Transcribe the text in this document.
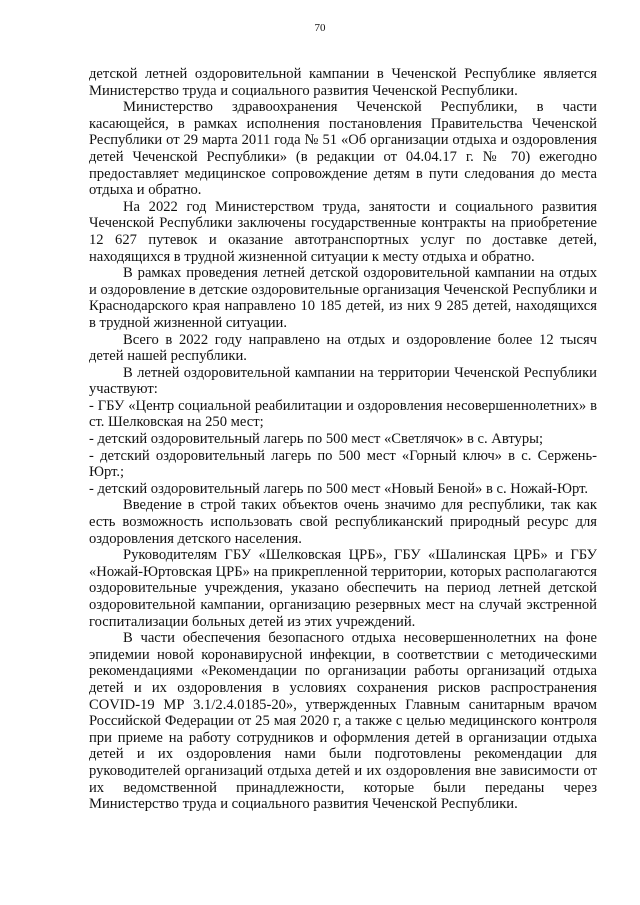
70

детской летней оздоровительной кампании в Чеченской Республике является Министерство труда и социального развития Чеченской Республики.

Министерство здравоохранения Чеченской Республики, в части касающейся, в рамках исполнения постановления Правительства Чеченской Республики от 29 марта 2011 года № 51 «Об организации отдыха и оздоровления детей Чеченской Республики» (в редакции от 04.04.17 г. № 70) ежегодно предоставляет медицинское сопровождение детям в пути следования до места отдыха и обратно.

На 2022 год Министерством труда, занятости и социального развития Чеченской Республики заключены государственные контракты на приобретение 12 627 путевок и оказание автотранспортных услуг по доставке детей, находящихся в трудной жизненной ситуации к месту отдыха и обратно.

В рамках проведения летней детской оздоровительной кампании на отдых и оздоровление в детские оздоровительные организация Чеченской Республики и Краснодарского края направлено 10 185 детей, из них 9 285 детей, находящихся в трудной жизненной ситуации.

Всего в 2022 году направлено на отдых и оздоровление более 12 тысяч детей нашей республики.

В летней оздоровительной кампании на территории Чеченской Республики участвуют:

- ГБУ «Центр социальной реабилитации и оздоровления несовершеннолетних» в ст. Шелковская на 250 мест;

- детский оздоровительный лагерь по 500 мест «Светлячок» в с. Автуры;

- детский оздоровительный лагерь по 500 мест «Горный ключ» в с. Сержень-Юрт.;

- детский оздоровительный лагерь по 500 мест «Новый Беной» в с. Ножай-Юрт.

Введение в строй таких объектов очень значимо для республики, так как есть возможность использовать свой республиканский природный ресурс для оздоровления детского населения.

Руководителям ГБУ «Шелковская ЦРБ», ГБУ «Шалинская ЦРБ» и ГБУ «Ножай-Юртовская ЦРБ» на прикрепленной территории, которых располагаются оздоровительные учреждения, указано обеспечить на период летней детской оздоровительной кампании, организацию резервных мест на случай экстренной госпитализации больных детей из этих учреждений.

В части обеспечения безопасного отдыха несовершеннолетних на фоне эпидемии новой коронавирусной инфекции, в соответствии с методическими рекомендациями «Рекомендации по организации работы организаций отдыха детей и их оздоровления в условиях сохранения рисков распространения COVID-19 МР 3.1/2.4.0185-20», утвержденных Главным санитарным врачом Российской Федерации от 25 мая 2020 г, а также с целью медицинского контроля при приеме на работу сотрудников и оформления детей в организации отдыха детей и их оздоровления нами были подготовлены рекомендации для руководителей организаций отдыха детей и их оздоровления вне зависимости от их ведомственной принадлежности, которые были переданы через Министерство труда и социального развития Чеченской Республики.
